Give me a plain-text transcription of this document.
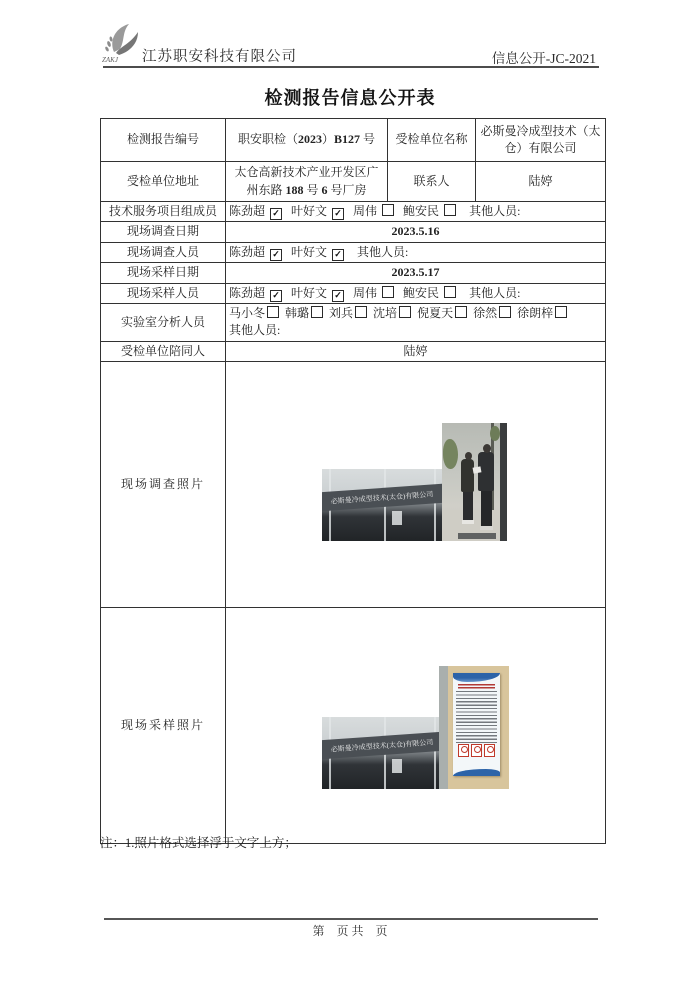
ZAKJ 江苏职安科技有限公司	信息公开-JC-2021
检测报告信息公开表
检测报告编号	职安职检（2023）B127 号	受检单位名称	必斯曼冷成型技术（太仓）有限公司
受检单位地址	太仓高新技术产业开发区广州东路 188 号 6 号厂房	联系人	陆婷
技术服务项目组成员	陈劲超 ✓ 叶好文 ✓ 周伟 鲍安民 其他人员:		
现场调查日期	2023.5.16		
现场调查人员	陈劲超 ✓ 叶好文 ✓ 其他人员:		
现场采样日期	2023.5.17		
现场采样人员	陈劲超 ✓ 叶好文 ✓ 周伟 鲍安民 其他人员:		
实验室分析人员	马小冬 韩璐 刘兵 沈培 倪夏天 徐然 徐朗梓
其他人员:		

受检单位陪同人	陆婷		
现场调查照片	必斯曼冷成型技术(太仓)有限公司		

现场采样照片	必斯曼冷成型技术(太仓)有限公司		
注：1.照片格式选择浮于文字上方；
第　页 共　页
